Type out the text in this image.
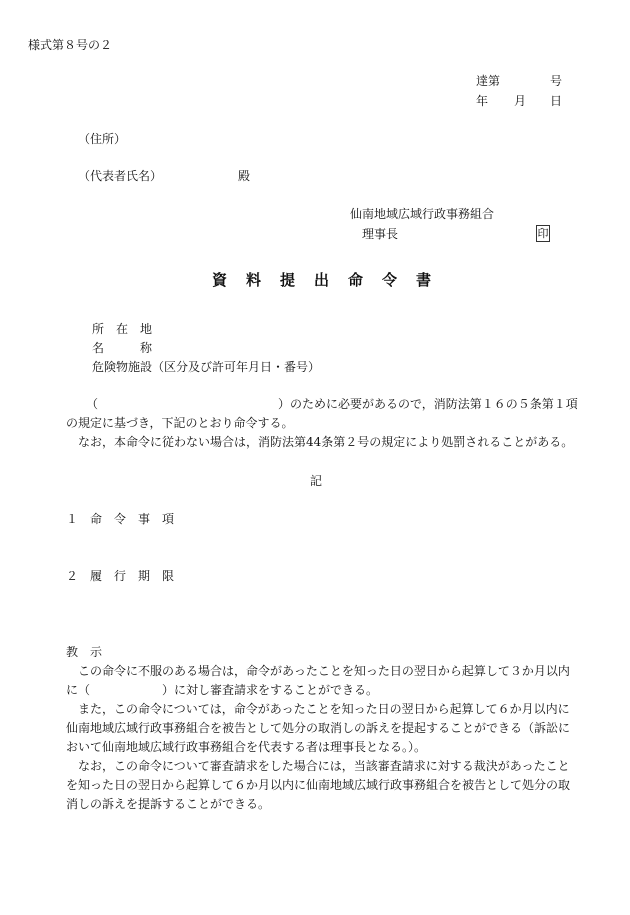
様式第８号の２
達第	号
年 月 日
（住所）
（代表者氏名）	殿
仙南地域広域行政事務組合
理事長	印
資料提出命令書
所　在　地
名　　　称
危険物施設（区分及び許可年月日・番号）
（	）のために必要があるので，消防法第１６の５条第１項
の規定に基づき，下記のとおり命令する。
なお，本命令に従わない場合は，消防法第44条第２号の規定により処罰されることがある。
記
１　命　令　事　項
２　履　行　期　限
教　示
この命令に不服のある場合は，命令があったことを知った日の翌日から起算して３か月以内
に（　　　　　　）に対し審査請求をすることができる。
また，この命令については，命令があったことを知った日の翌日から起算して６か月以内に
仙南地域広域行政事務組合を被告として処分の取消しの訴えを提起することができる（訴訟に
おいて仙南地域広域行政事務組合を代表する者は理事長となる。）。
なお，この命令について審査請求をした場合には，当該審査請求に対する裁決があったこと
を知った日の翌日から起算して６か月以内に仙南地域広域行政事務組合を被告として処分の取
消しの訴えを提訴することができる。
